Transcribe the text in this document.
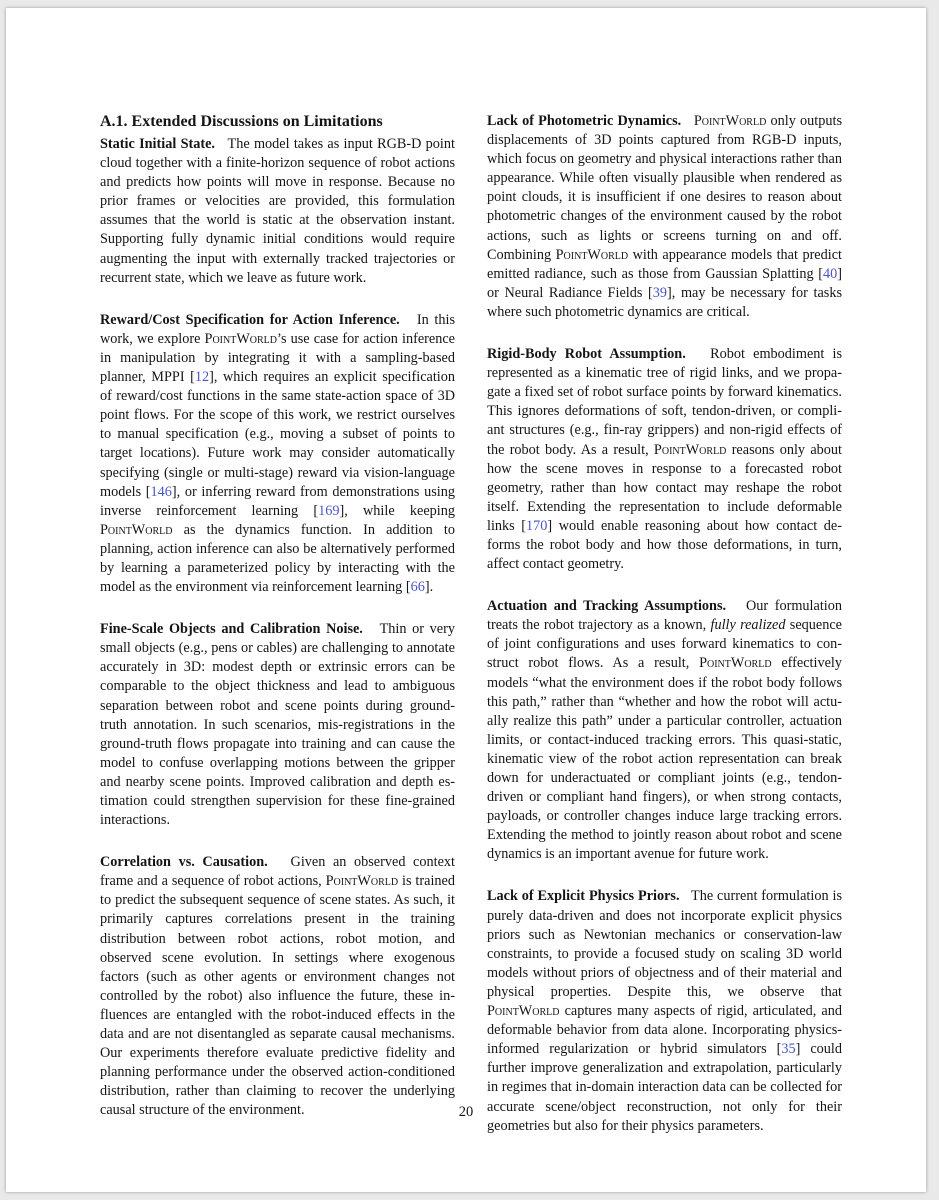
A.1. Extended Discussions on Limitations

Static Initial State. The model takes as input RGB-D point cloud together with a finite-horizon sequence of robot actions and predicts how points will move in response. Because no prior frames or velocities are provided, this formulation assumes that the world is static at the observation instant. Supporting fully dynamic initial conditions would require augmenting the input with externally tracked trajectories or recurrent state, which we leave as future work.

Reward/Cost Specification for Action Inference. In this work, we explore PointWorld’s use case for action inference in manipulation by integrating it with a sampling-based planner, MPPI [12], which requires an explicit specification of reward/cost functions in the same state-action space of 3D point flows. For the scope of this work, we restrict ourselves to manual specification (e.g., moving a subset of points to target locations). Future work may consider automatically specifying (single or multi-stage) reward via vision-language models [146], or inferring reward from demonstrations using inverse reinforcement learning [169], while keeping PointWorld as the dynamics function. In addition to planning, action inference can also be alternatively performed by learning a parameterized policy by interacting with the model as the environment via reinforcement learning [66].

Fine-Scale Objects and Calibration Noise. Thin or very small objects (e.g., pens or cables) are challenging to annotate accurately in 3D: modest depth or extrinsic errors can be comparable to the object thickness and lead to ambiguous separation between robot and scene points during ground-truth annotation. In such scenarios, mis-registrations in the ground-truth flows propagate into training and can cause the model to confuse overlapping motions between the gripper and nearby scene points. Improved calibration and depth estimation could strengthen supervision for these fine-grained interactions.

Correlation vs. Causation. Given an observed context frame and a sequence of robot actions, PointWorld is trained to predict the subsequent sequence of scene states. As such, it primarily captures correlations present in the training distribution between robot actions, robot motion, and observed scene evolution. In settings where exogenous factors (such as other agents or environment changes not controlled by the robot) also influence the future, these influences are entangled with the robot-induced effects in the data and are not disentangled as separate causal mechanisms. Our experiments therefore evaluate predictive fidelity and planning performance under the observed action-conditioned distribution, rather than claiming to recover the underlying causal structure of the environment.

Lack of Photometric Dynamics. PointWorld only outputs displacements of 3D points captured from RGB-D inputs, which focus on geometry and physical interactions rather than appearance. While often visually plausible when rendered as point clouds, it is insufficient if one desires to reason about photometric changes of the environment caused by the robot actions, such as lights or screens turning on and off. Combining PointWorld with appearance models that predict emitted radiance, such as those from Gaussian Splatting [40] or Neural Radiance Fields [39], may be necessary for tasks where such photometric dynamics are critical.

Rigid-Body Robot Assumption. Robot embodiment is represented as a kinematic tree of rigid links, and we propagate a fixed set of robot surface points by forward kinematics. This ignores deformations of soft, tendon-driven, or compliant structures (e.g., fin-ray grippers) and non-rigid effects of the robot body. As a result, PointWorld reasons only about how the scene moves in response to a forecasted robot geometry, rather than how contact may reshape the robot itself. Extending the representation to include deformable links [170] would enable reasoning about how contact deforms the robot body and how those deformations, in turn, affect contact geometry.

Actuation and Tracking Assumptions. Our formulation treats the robot trajectory as a known, fully realized sequence of joint configurations and uses forward kinematics to construct robot flows. As a result, PointWorld effectively models “what the environment does if the robot body follows this path,” rather than “whether and how the robot will actually realize this path” under a particular controller, actuation limits, or contact-induced tracking errors. This quasi-static, kinematic view of the robot action representation can break down for underactuated or compliant joints (e.g., tendon-driven or compliant hand fingers), or when strong contacts, payloads, or controller changes induce large tracking errors. Extending the method to jointly reason about robot and scene dynamics is an important avenue for future work.

Lack of Explicit Physics Priors. The current formulation is purely data-driven and does not incorporate explicit physics priors such as Newtonian mechanics or conservation-law constraints, to provide a focused study on scaling 3D world models without priors of objectness and of their material and physical properties. Despite this, we observe that PointWorld captures many aspects of rigid, articulated, and deformable behavior from data alone. Incorporating physics-informed regularization or hybrid simulators [35] could further improve generalization and extrapolation, particularly in regimes that in-domain interaction data can be collected for accurate scene/object reconstruction, not only for their geometries but also for their physics parameters.

20
